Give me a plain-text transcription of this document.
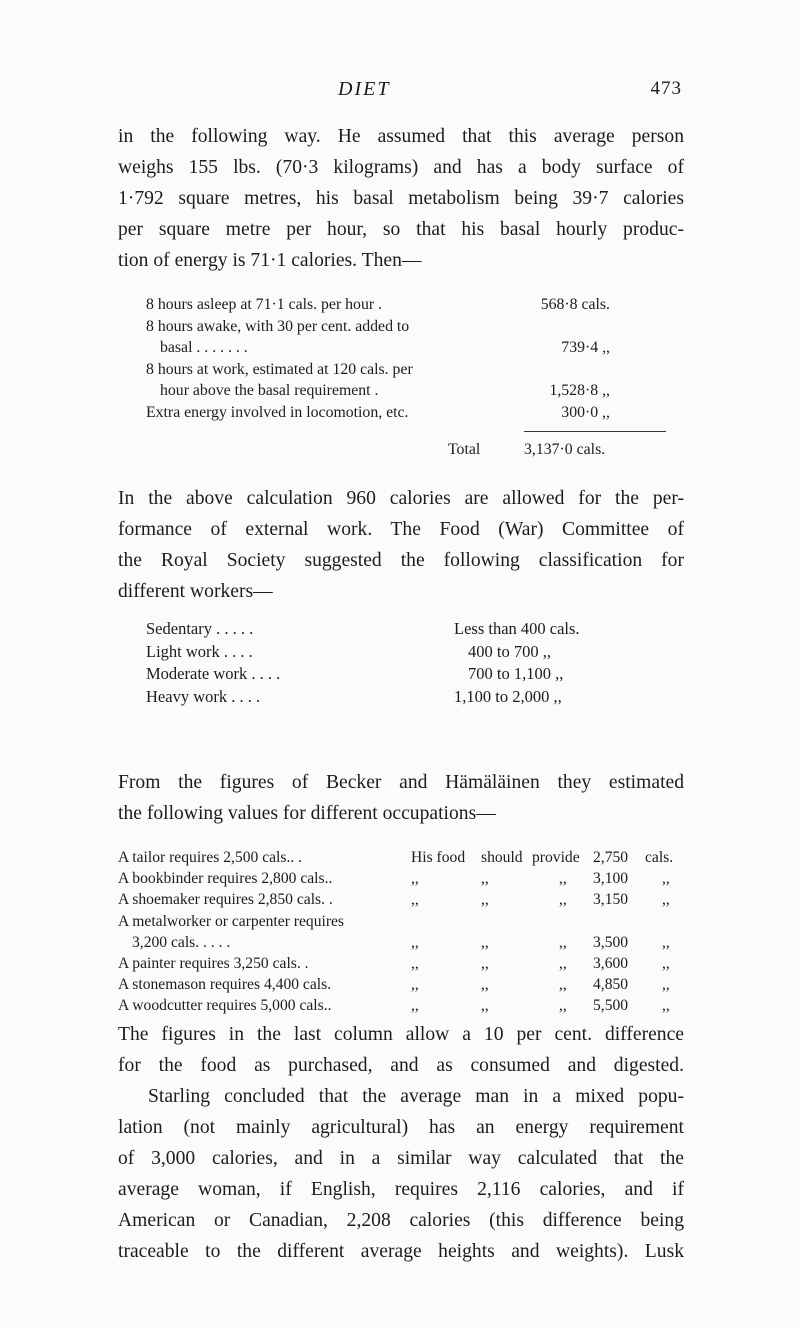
DIET	473

in the following way. He assumed that this average person
weighs 155 lbs. (70·3 kilograms) and has a body surface of
1·792 square metres, his basal metabolism being 39·7 calories
per square metre per hour, so that his basal hourly produc-
tion of energy is 71·1 calories. Then—

8 hours asleep at 71·1 cals. per hour .	568·8 cals.
8 hours awake, with 30 per cent. added to
basal . . . . . . .	739·4 ,,
8 hours at work, estimated at 120 cals. per
hour above the basal requirement .	1,528·8 ,,
Extra energy involved in locomotion, etc.	300·0 ,,
Total	3,137·0 cals.

In the above calculation 960 calories are allowed for the per-
formance of external work. The Food (War) Committee of
the Royal Society suggested the following classification for
different workers—

Sedentary . . . . .	Less than 400 cals.
Light work . . . .	400 to 700 ,,
Moderate work . . . .	700 to 1,100 ,,
Heavy work . . . .	1,100 to 2,000 ,,

From the figures of Becker and Hämäläinen they estimated
the following values for different occupations—

A tailor requires 2,500 cals.. .	His food should provide 2,750 cals.
A bookbinder requires 2,800 cals..	,,	,,	,, 3,100 ,,
A shoemaker requires 2,850 cals. .	,,	,,	,, 3,150 ,,
A metalworker or carpenter requires
3,200 cals. . . . .	,,	,,	,, 3,500 ,,
A painter requires 3,250 cals. .	,,	,,	,, 3,600 ,,
A stonemason requires 4,400 cals.	,,	,,	,, 4,850 ,,
A woodcutter requires 5,000 cals..	,,	,,	,, 5,500 ,,

The figures in the last column allow a 10 per cent. difference
for the food as purchased, and as consumed and digested.
Starling concluded that the average man in a mixed popu-
lation (not mainly agricultural) has an energy requirement
of 3,000 calories, and in a similar way calculated that the
average woman, if English, requires 2,116 calories, and if
American or Canadian, 2,208 calories (this difference being
traceable to the different average heights and weights). Lusk
